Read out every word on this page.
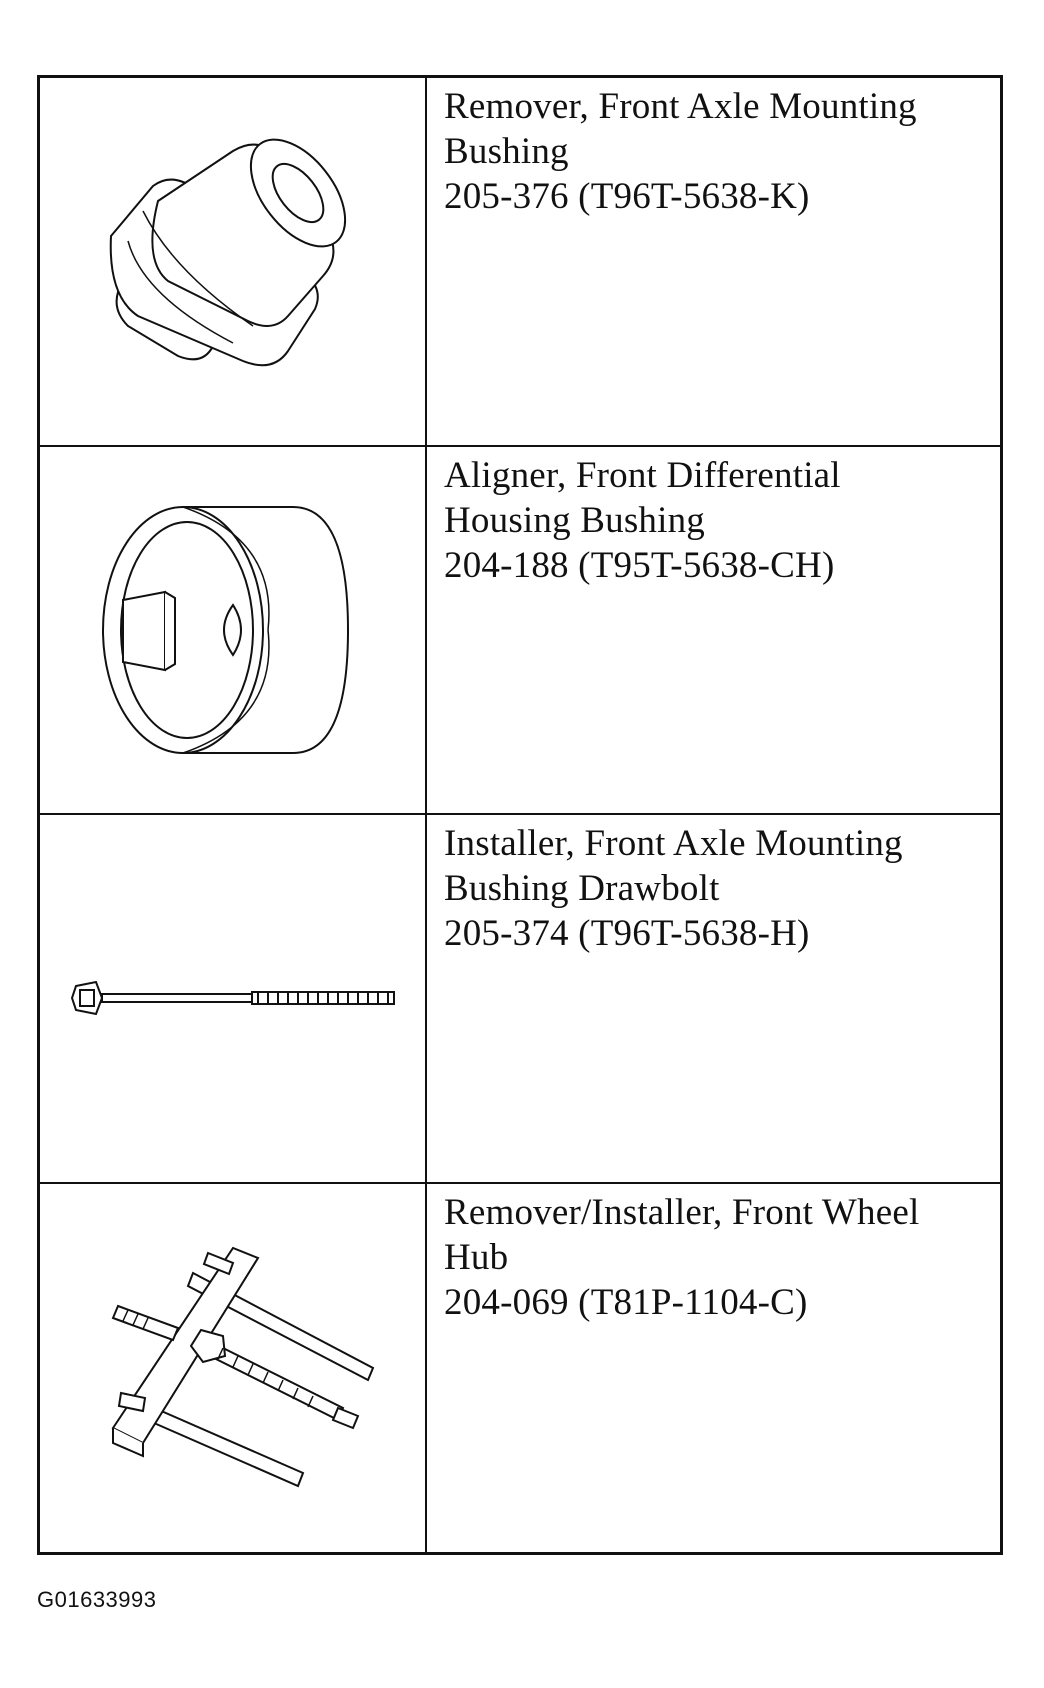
Remover, Front Axle Mounting
Bushing
205-376 (T96T-5638-K)
Aligner, Front Differential
Housing Bushing
204-188 (T95T-5638-CH)
Installer, Front Axle Mounting
Bushing Drawbolt
205-374 (T96T-5638-H)
Remover/Installer, Front Wheel
Hub
204-069 (T81P-1104-C)
G01633993
